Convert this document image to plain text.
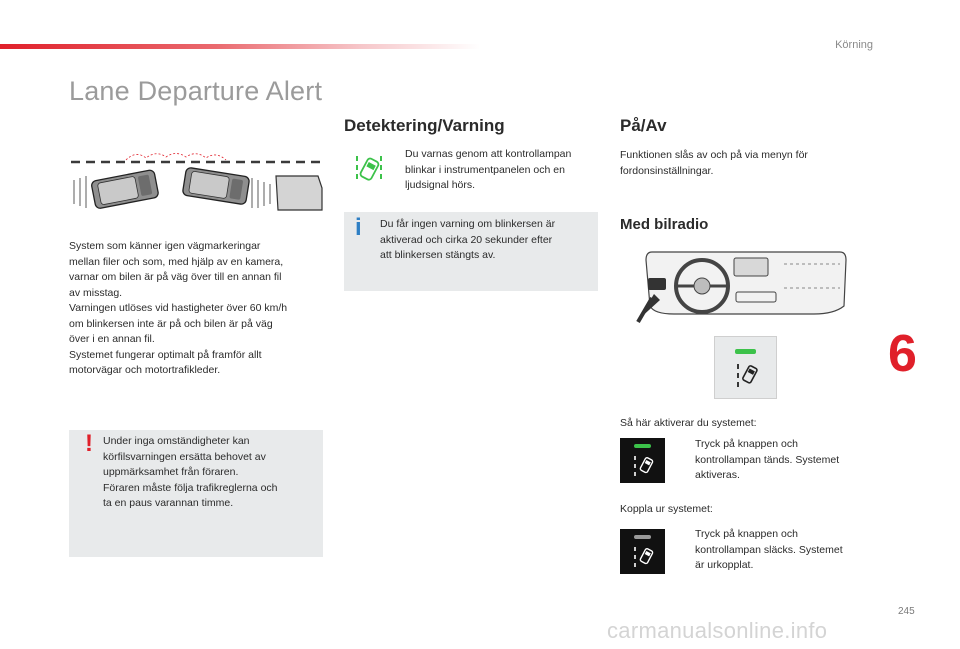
Körning
Lane Departure Alert

System som känner igen vägmarkeringar
mellan filer och som, med hjälp av en kamera,
varnar om bilen är på väg över till en annan fil
av misstag.
Varningen utlöses vid hastigheter över 60 km/h
om blinkersen inte är på och bilen är på väg
över i en annan fil.
Systemet fungerar optimalt på framför allt
motorvägar och motortrafikleder.

! Under inga omständigheter kan
körfilsvarningen ersätta behovet av
uppmärksamhet från föraren.
Föraren måste följa trafikreglerna och
ta en paus varannan timme.

Detektering/Varning

Du varnas genom att kontrollampan
blinkar i instrumentpanelen och en
ljudsignal hörs.

i Du får ingen varning om blinkersen är
aktiverad och cirka 20 sekunder efter
att blinkersen stängts av.

På/Av

Funktionen slås av och på via menyn för
fordonsinställningar.

Med bilradio

Så här aktiverar du systemet:

Tryck på knappen och
kontrollampan tänds. Systemet
aktiveras.

Koppla ur systemet:

Tryck på knappen och
kontrollampan släcks. Systemet
är urkopplat.

6
245
carmanualsonline.info
